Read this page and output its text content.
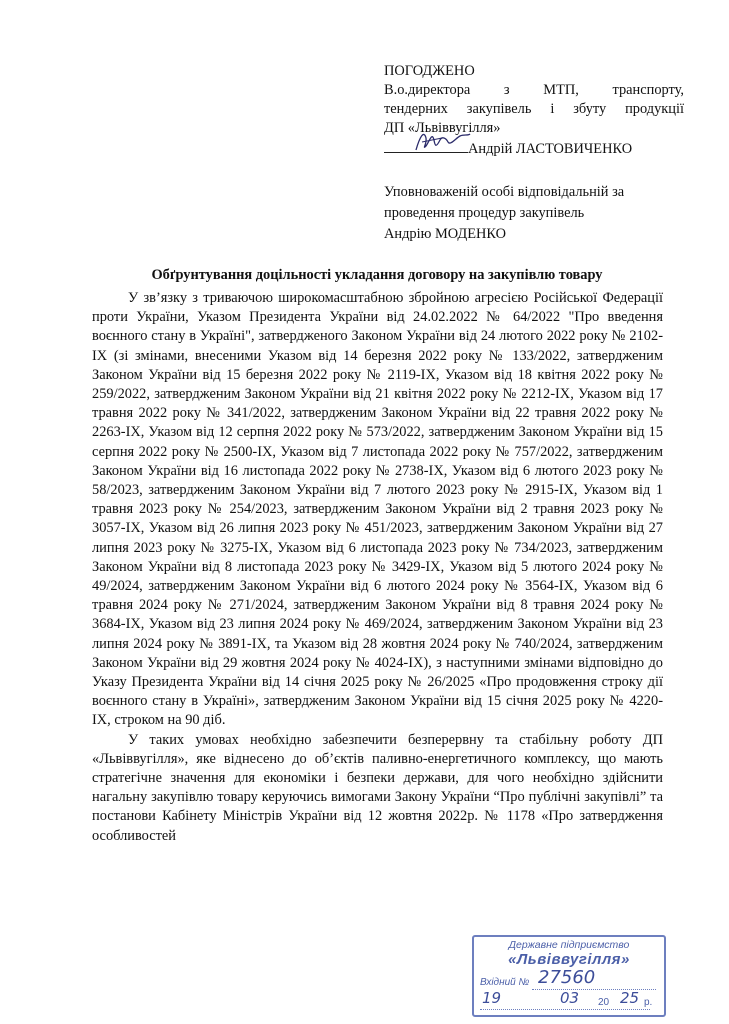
ПОГОДЖЕНО
В.о.директора з МТП, транспорту,
тендерних закупівель і збуту продукції
ДП «Львіввугілля»
Андрій ЛАСТОВИЧЕНКО
Уповноваженій особі відповідальній за
проведення процедур закупівель
Андрію МОДЕНКО
Обґрунтування доцільності укладання договору на закупівлю товару

У зв’язку з триваючою широкомасштабною збройною агресією Російської Федерації проти України, Указом Президента України від 24.02.2022 № 64/2022 "Про введення воєнного стану в Україні", затвердженого Законом України від 24 лютого 2022 року № 2102-IX (зі змінами, внесеними Указом від 14 березня 2022 року № 133/2022, затвердженим Законом України від 15 березня 2022 року № 2119-IX, Указом від 18 квітня 2022 року № 259/2022, затвердженим Законом України від 21 квітня 2022 року № 2212-IX, Указом від 17 травня 2022 року № 341/2022, затвердженим Законом України від 22 травня 2022 року № 2263-IX, Указом від 12 серпня 2022 року № 573/2022, затвердженим Законом України від 15 серпня 2022 року № 2500-IX, Указом від 7 листопада 2022 року № 757/2022, затвердженим Законом України від 16 листопада 2022 року № 2738-IX, Указом від 6 лютого 2023 року № 58/2023, затвердженим Законом України від 7 лютого 2023 року № 2915-IX, Указом від 1 травня 2023 року № 254/2023, затвердженим Законом України від 2 травня 2023 року № 3057-IX, Указом від 26 липня 2023 року № 451/2023, затвердженим Законом України від 27 липня 2023 року № 3275-IX, Указом від 6 листопада 2023 року № 734/2023, затвердженим Законом України від 8 листопада 2023 року № 3429-IX, Указом від 5 лютого 2024 року № 49/2024, затвердженим Законом України від 6 лютого 2024 року № 3564-IX, Указом від 6 травня 2024 року № 271/2024, затвердженим Законом України від 8 травня 2024 року № 3684-IX, Указом від 23 липня 2024 року № 469/2024, затвердженим Законом України від 23 липня 2024 року № 3891-IX, та Указом від 28 жовтня 2024 року № 740/2024, затвердженим Законом України від 29 жовтня 2024 року № 4024-IX), з наступними змінами відповідно до Указу Президента України від 14 січня 2025 року № 26/2025 «Про продовження строку дії воєнного стану в Україні», затвердженим Законом України від 15 січня 2025 року № 4220-IX, строком на 90 діб.

У таких умовах необхідно забезпечити безперервну та стабільну роботу ДП «Львіввугілля», яке віднесено до об’єктів паливно-енергетичного комплексу, що мають стратегічне значення для економіки і безпеки держави, для чого необхідно здійснити нагальну закупівлю товару керуючись вимогами Закону України “Про публічні закупівлі” та постанови Кабінету Міністрів України від 12 жовтня 2022р. № 1178 «Про затвердження особливостей

Державне підприємство
«Львіввугілля»
Вхідний № 27560
19	03 20 25 р.
